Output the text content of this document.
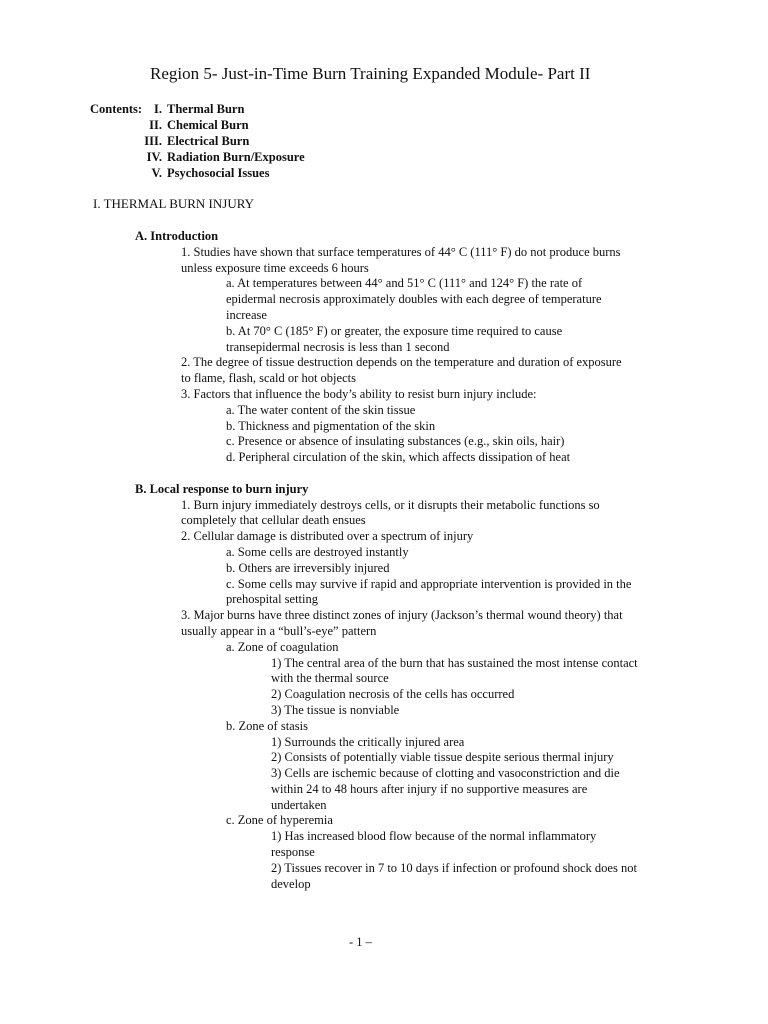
Region 5- Just-in-Time Burn Training Expanded Module- Part II
Contents: I. Thermal Burn
II. Chemical Burn
III. Electrical Burn
IV. Radiation Burn/Exposure
V. Psychosocial Issues
I. THERMAL BURN INJURY
A. Introduction
1. Studies have shown that surface temperatures of 44° C (111° F) do not produce burns
unless exposure time exceeds 6 hours
a. At temperatures between 44° and 51° C (111° and 124° F) the rate of
epidermal necrosis approximately doubles with each degree of temperature
increase
b. At 70° C (185° F) or greater, the exposure time required to cause
transepidermal necrosis is less than 1 second
2. The degree of tissue destruction depends on the temperature and duration of exposure
to flame, flash, scald or hot objects
3. Factors that influence the body’s ability to resist burn injury include:
a. The water content of the skin tissue
b. Thickness and pigmentation of the skin
c. Presence or absence of insulating substances (e.g., skin oils, hair)
d. Peripheral circulation of the skin, which affects dissipation of heat
B. Local response to burn injury
1. Burn injury immediately destroys cells, or it disrupts their metabolic functions so
completely that cellular death ensues
2. Cellular damage is distributed over a spectrum of injury
a. Some cells are destroyed instantly
b. Others are irreversibly injured
c. Some cells may survive if rapid and appropriate intervention is provided in the
prehospital setting
3. Major burns have three distinct zones of injury (Jackson’s thermal wound theory) that
usually appear in a “bull’s-eye” pattern
a. Zone of coagulation
1) The central area of the burn that has sustained the most intense contact
with the thermal source
2) Coagulation necrosis of the cells has occurred
3) The tissue is nonviable
b. Zone of stasis
1) Surrounds the critically injured area
2) Consists of potentially viable tissue despite serious thermal injury
3) Cells are ischemic because of clotting and vasoconstriction and die
within 24 to 48 hours after injury if no supportive measures are
undertaken
c. Zone of hyperemia
1) Has increased blood flow because of the normal inflammatory
response
2) Tissues recover in 7 to 10 days if infection or profound shock does not
develop
- 1 –
